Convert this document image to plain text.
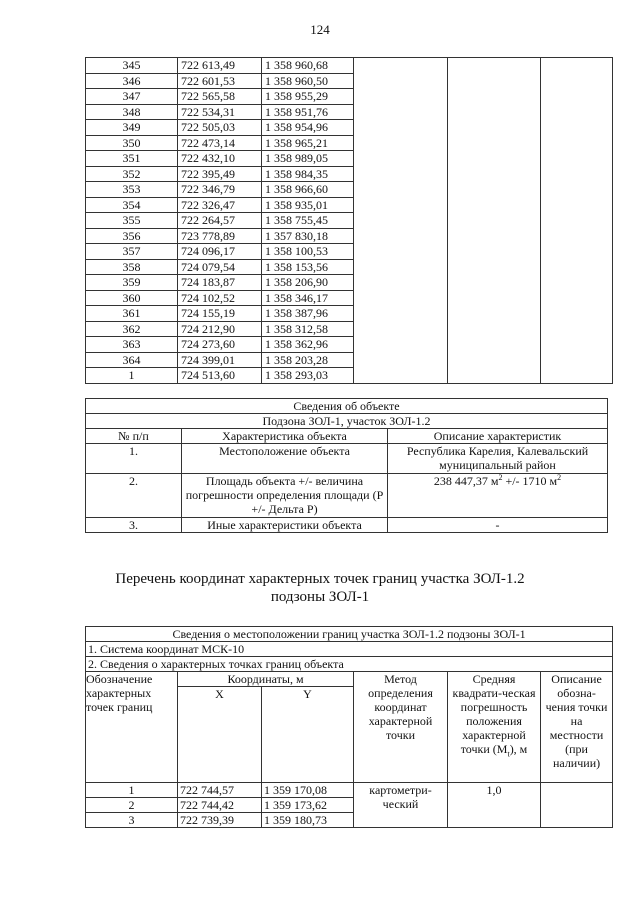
124
345	722 613,49	1 358 960,68			
346	722 601,53	1 358 960,50			
347	722 565,58	1 358 955,29			
348	722 534,31	1 358 951,76			
349	722 505,03	1 358 954,96			
350	722 473,14	1 358 965,21			
351	722 432,10	1 358 989,05			
352	722 395,49	1 358 984,35			
353	722 346,79	1 358 966,60			
354	722 326,47	1 358 935,01			
355	722 264,57	1 358 755,45			
356	723 778,89	1 357 830,18			
357	724 096,17	1 358 100,53			
358	724 079,54	1 358 153,56			
359	724 183,87	1 358 206,90			
360	724 102,52	1 358 346,17			
361	724 155,19	1 358 387,96			
362	724 212,90	1 358 312,58			
363	724 273,60	1 358 362,96			
364	724 399,01	1 358 203,28			
1	724 513,60	1 358 293,03			
Сведения об объекте		
Подзона ЗОЛ-1, участок ЗОЛ-1.2		
№ п/п	Характеристика объекта	Описание характеристик
1.	Местоположение объекта	Республика Карелия, Калевальский муниципальный район
2.	Площадь объекта +/- величина погрешности определения площади (Р +/- Дельта Р)	238 447,37 $м^2$ +/- 1710 $м^2$
3.	Иные характеристики объекта	-
Перечень координат характерных точек границ участка ЗОЛ-1.2
подзоны ЗОЛ-1
Сведения о местоположении границ участка ЗОЛ-1.2 подзоны ЗОЛ-1					
1. Система координат МСК-10					
2. Сведения о характерных точках границ объекта					
Обозначение характерных точек границ	Координаты, м		Метод определения координат характерной точки	Средняя квадрати-ческая погрешность положения характерной точки $(M_t)$, м	Описание обозна-чения точки на местности (при наличии)
	X	Y			
1	722 744,57	1 359 170,08	картометри-ческий	1,0	
2	722 744,42	1 359 173,62			
3	722 739,39	1 359 180,73			
